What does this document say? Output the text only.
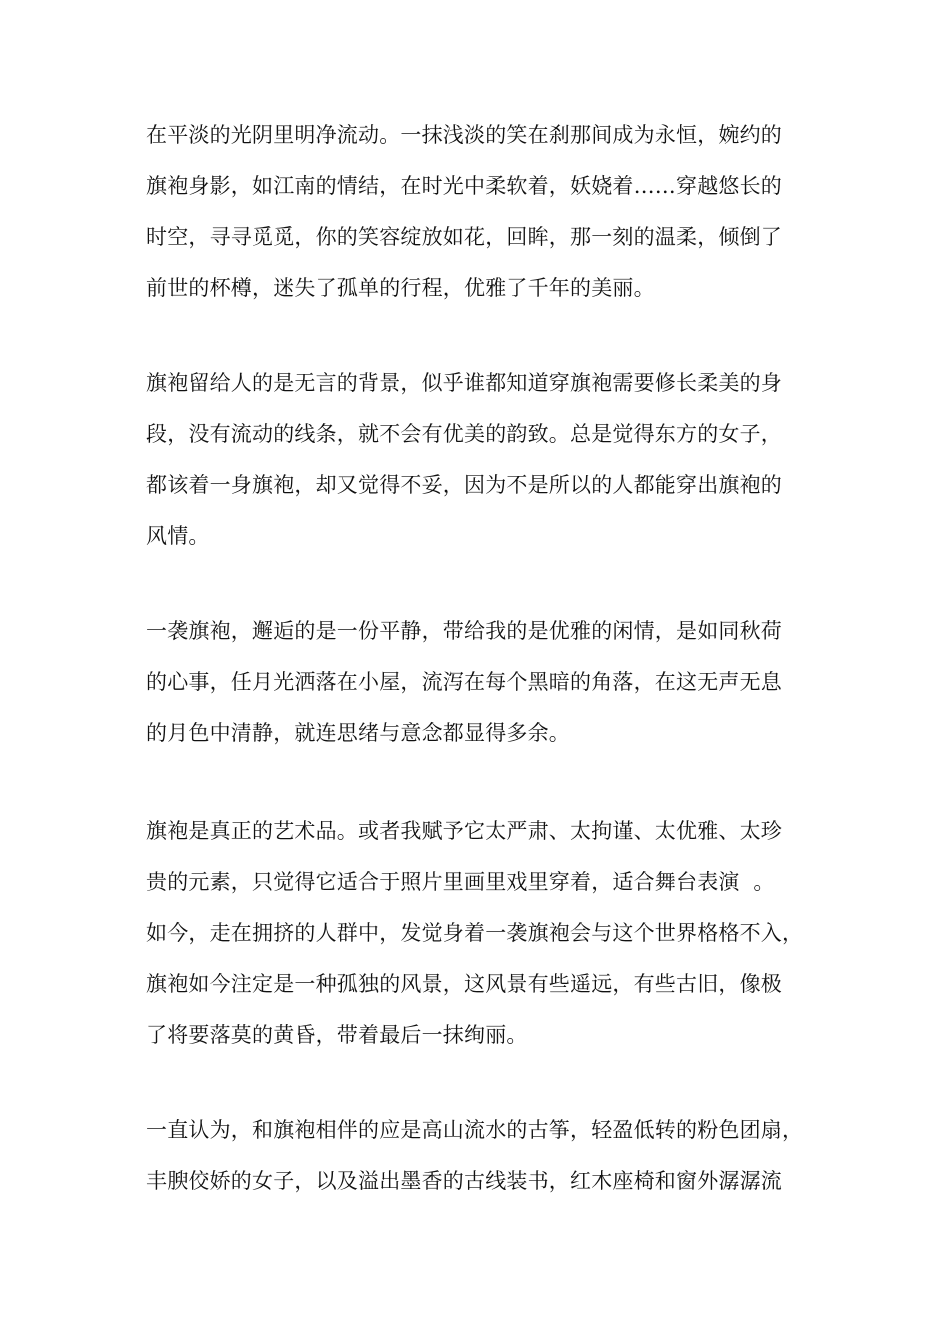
在平淡的光阴里明净流动。一抹浅淡的笑在刹那间成为永恒，婉约的

旗袍身影，如江南的情结，在时光中柔软着，妖娆着……穿越悠长的

时空，寻寻觅觅，你的笑容绽放如花，回眸，那一刻的温柔，倾倒了

前世的杯樽，迷失了孤单的行程，优雅了千年的美丽。

旗袍留给人的是无言的背景，似乎谁都知道穿旗袍需要修长柔美的身

段，没有流动的线条，就不会有优美的韵致。总是觉得东方的女子，

都该着一身旗袍，却又觉得不妥，因为不是所以的人都能穿出旗袍的

风情。

一袭旗袍，邂逅的是一份平静，带给我的是优雅的闲情，是如同秋荷

的心事，任月光洒落在小屋，流泻在每个黑暗的角落，在这无声无息

的月色中清静，就连思绪与意念都显得多余。

旗袍是真正的艺术品。或者我赋予它太严肃、太拘谨、太优雅、太珍

贵的元素，只觉得它适合于照片里画里戏里穿着，适合舞台表演  。

如今，走在拥挤的人群中，发觉身着一袭旗袍会与这个世界格格不入，

旗袍如今注定是一种孤独的风景，这风景有些遥远，有些古旧，像极

了将要落莫的黄昏，带着最后一抹绚丽。

一直认为，和旗袍相伴的应是高山流水的古筝，轻盈低转的粉色团扇，

丰腴佼娇的女子，以及溢出墨香的古线装书，红木座椅和窗外潺潺流
